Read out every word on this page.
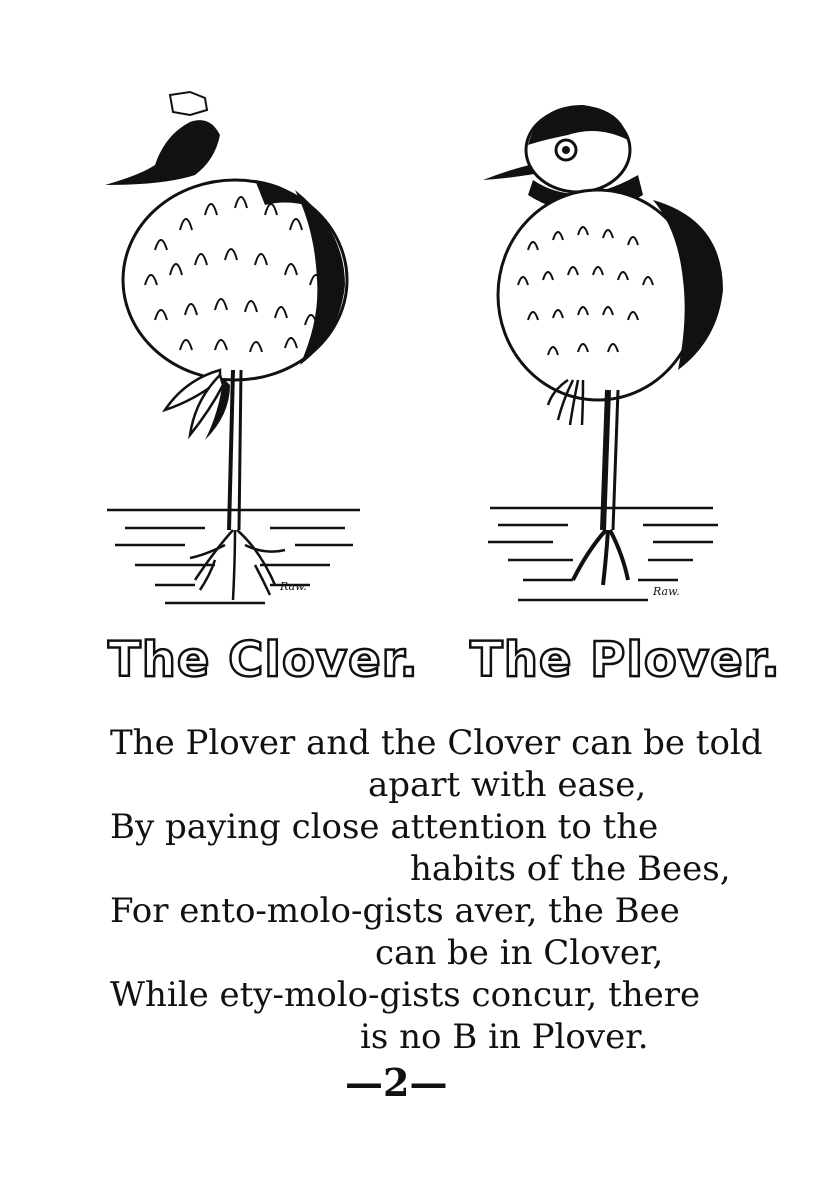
Raw.	Raw.
The Clover. The Plover.
The Plover and the Clover can be told
apart with ease,
By paying close attention to the
habits of the Bees,
For ento-molo-gists aver, the Bee
can be in Clover,
While ety-molo-gists concur, there
is no B in Plover.
—2—
